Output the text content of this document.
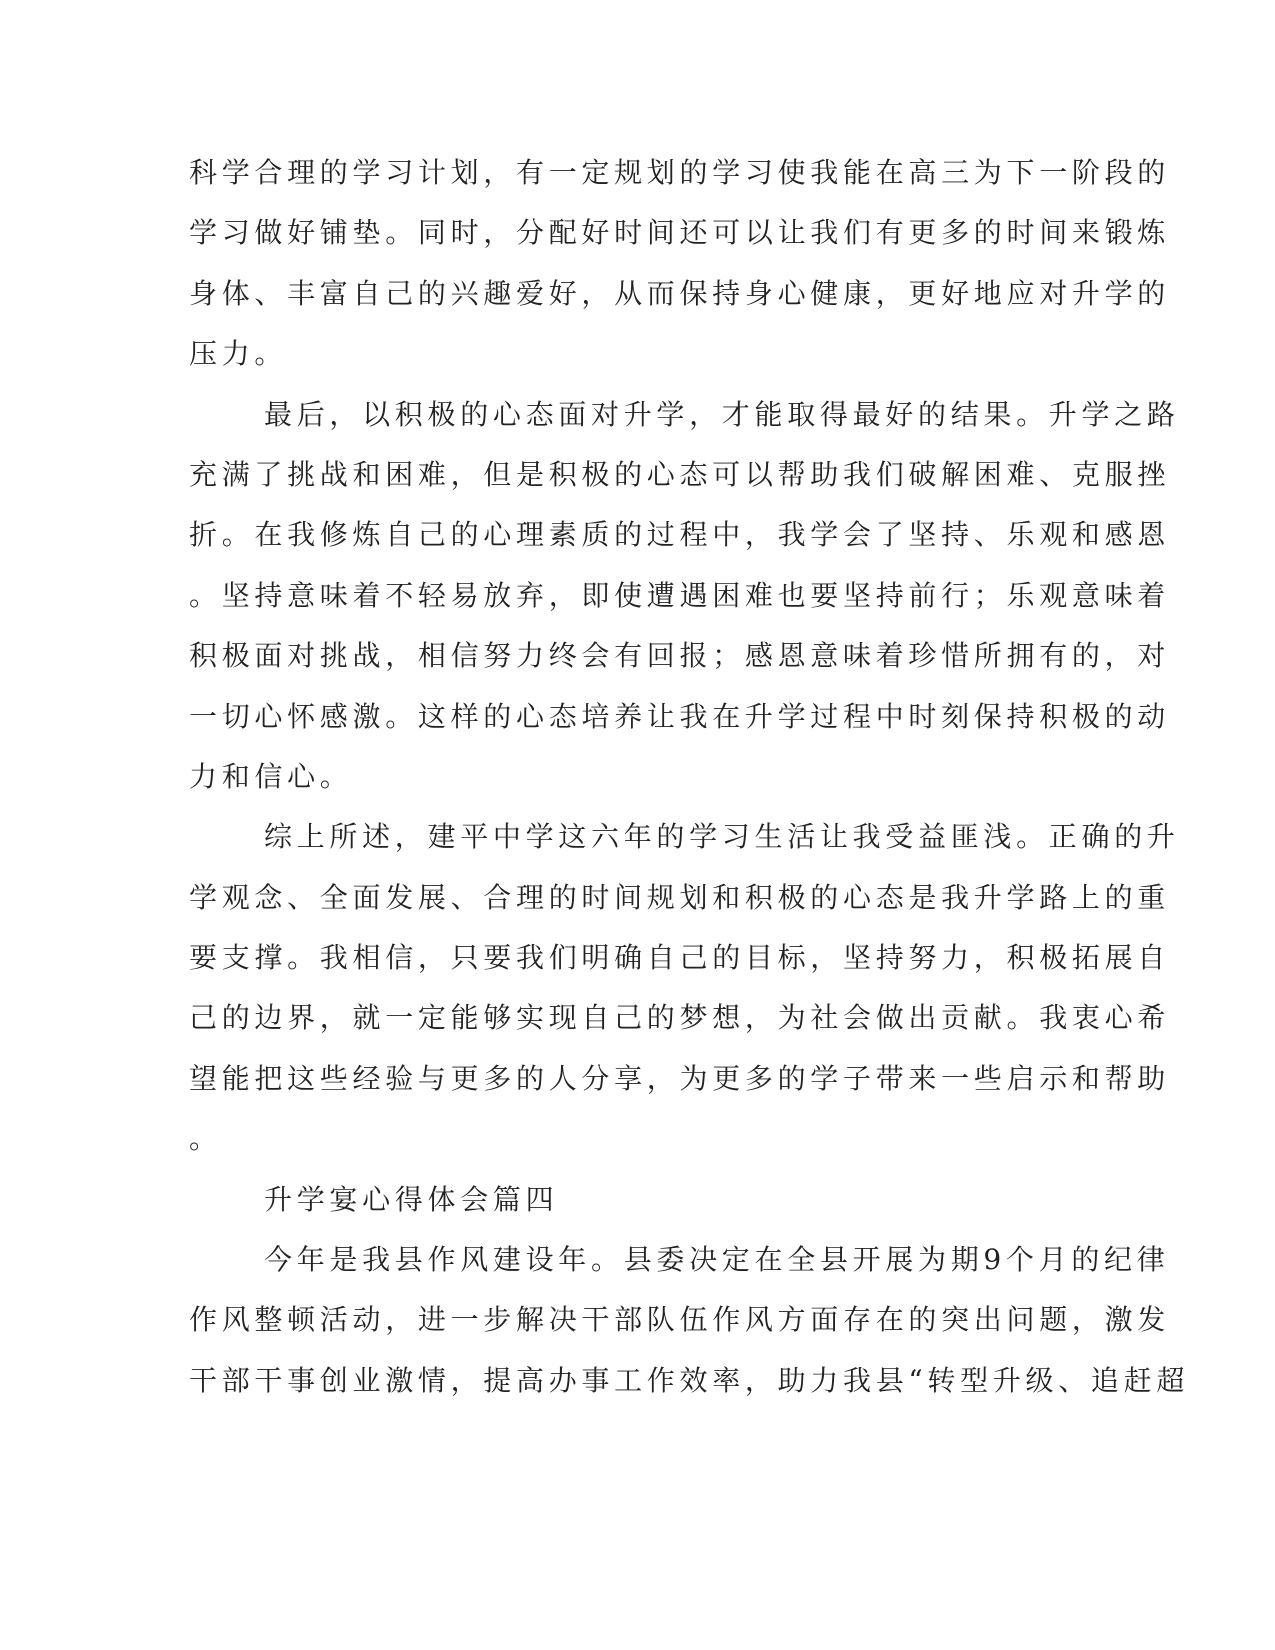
科学合理的学习计划，有一定规划的学习使我能在高三为下一阶段的
学习做好铺垫。同时，分配好时间还可以让我们有更多的时间来锻炼
身体、丰富自己的兴趣爱好，从而保持身心健康，更好地应对升学的
压力。
最后，以积极的心态面对升学，才能取得最好的结果。升学之路
充满了挑战和困难，但是积极的心态可以帮助我们破解困难、克服挫
折。在我修炼自己的心理素质的过程中，我学会了坚持、乐观和感恩
。坚持意味着不轻易放弃，即使遭遇困难也要坚持前行；乐观意味着
积极面对挑战，相信努力终会有回报；感恩意味着珍惜所拥有的，对
一切心怀感激。这样的心态培养让我在升学过程中时刻保持积极的动
力和信心。
综上所述，建平中学这六年的学习生活让我受益匪浅。正确的升
学观念、全面发展、合理的时间规划和积极的心态是我升学路上的重
要支撑。我相信，只要我们明确自己的目标，坚持努力，积极拓展自
己的边界，就一定能够实现自己的梦想，为社会做出贡献。我衷心希
望能把这些经验与更多的人分享，为更多的学子带来一些启示和帮助
。
升学宴心得体会篇四
今年是我县作风建设年。县委决定在全县开展为期9个月的纪律
作风整顿活动，进一步解决干部队伍作风方面存在的突出问题，激发
干部干事创业激情，提高办事工作效率，助力我县“转型升级、追赶超
